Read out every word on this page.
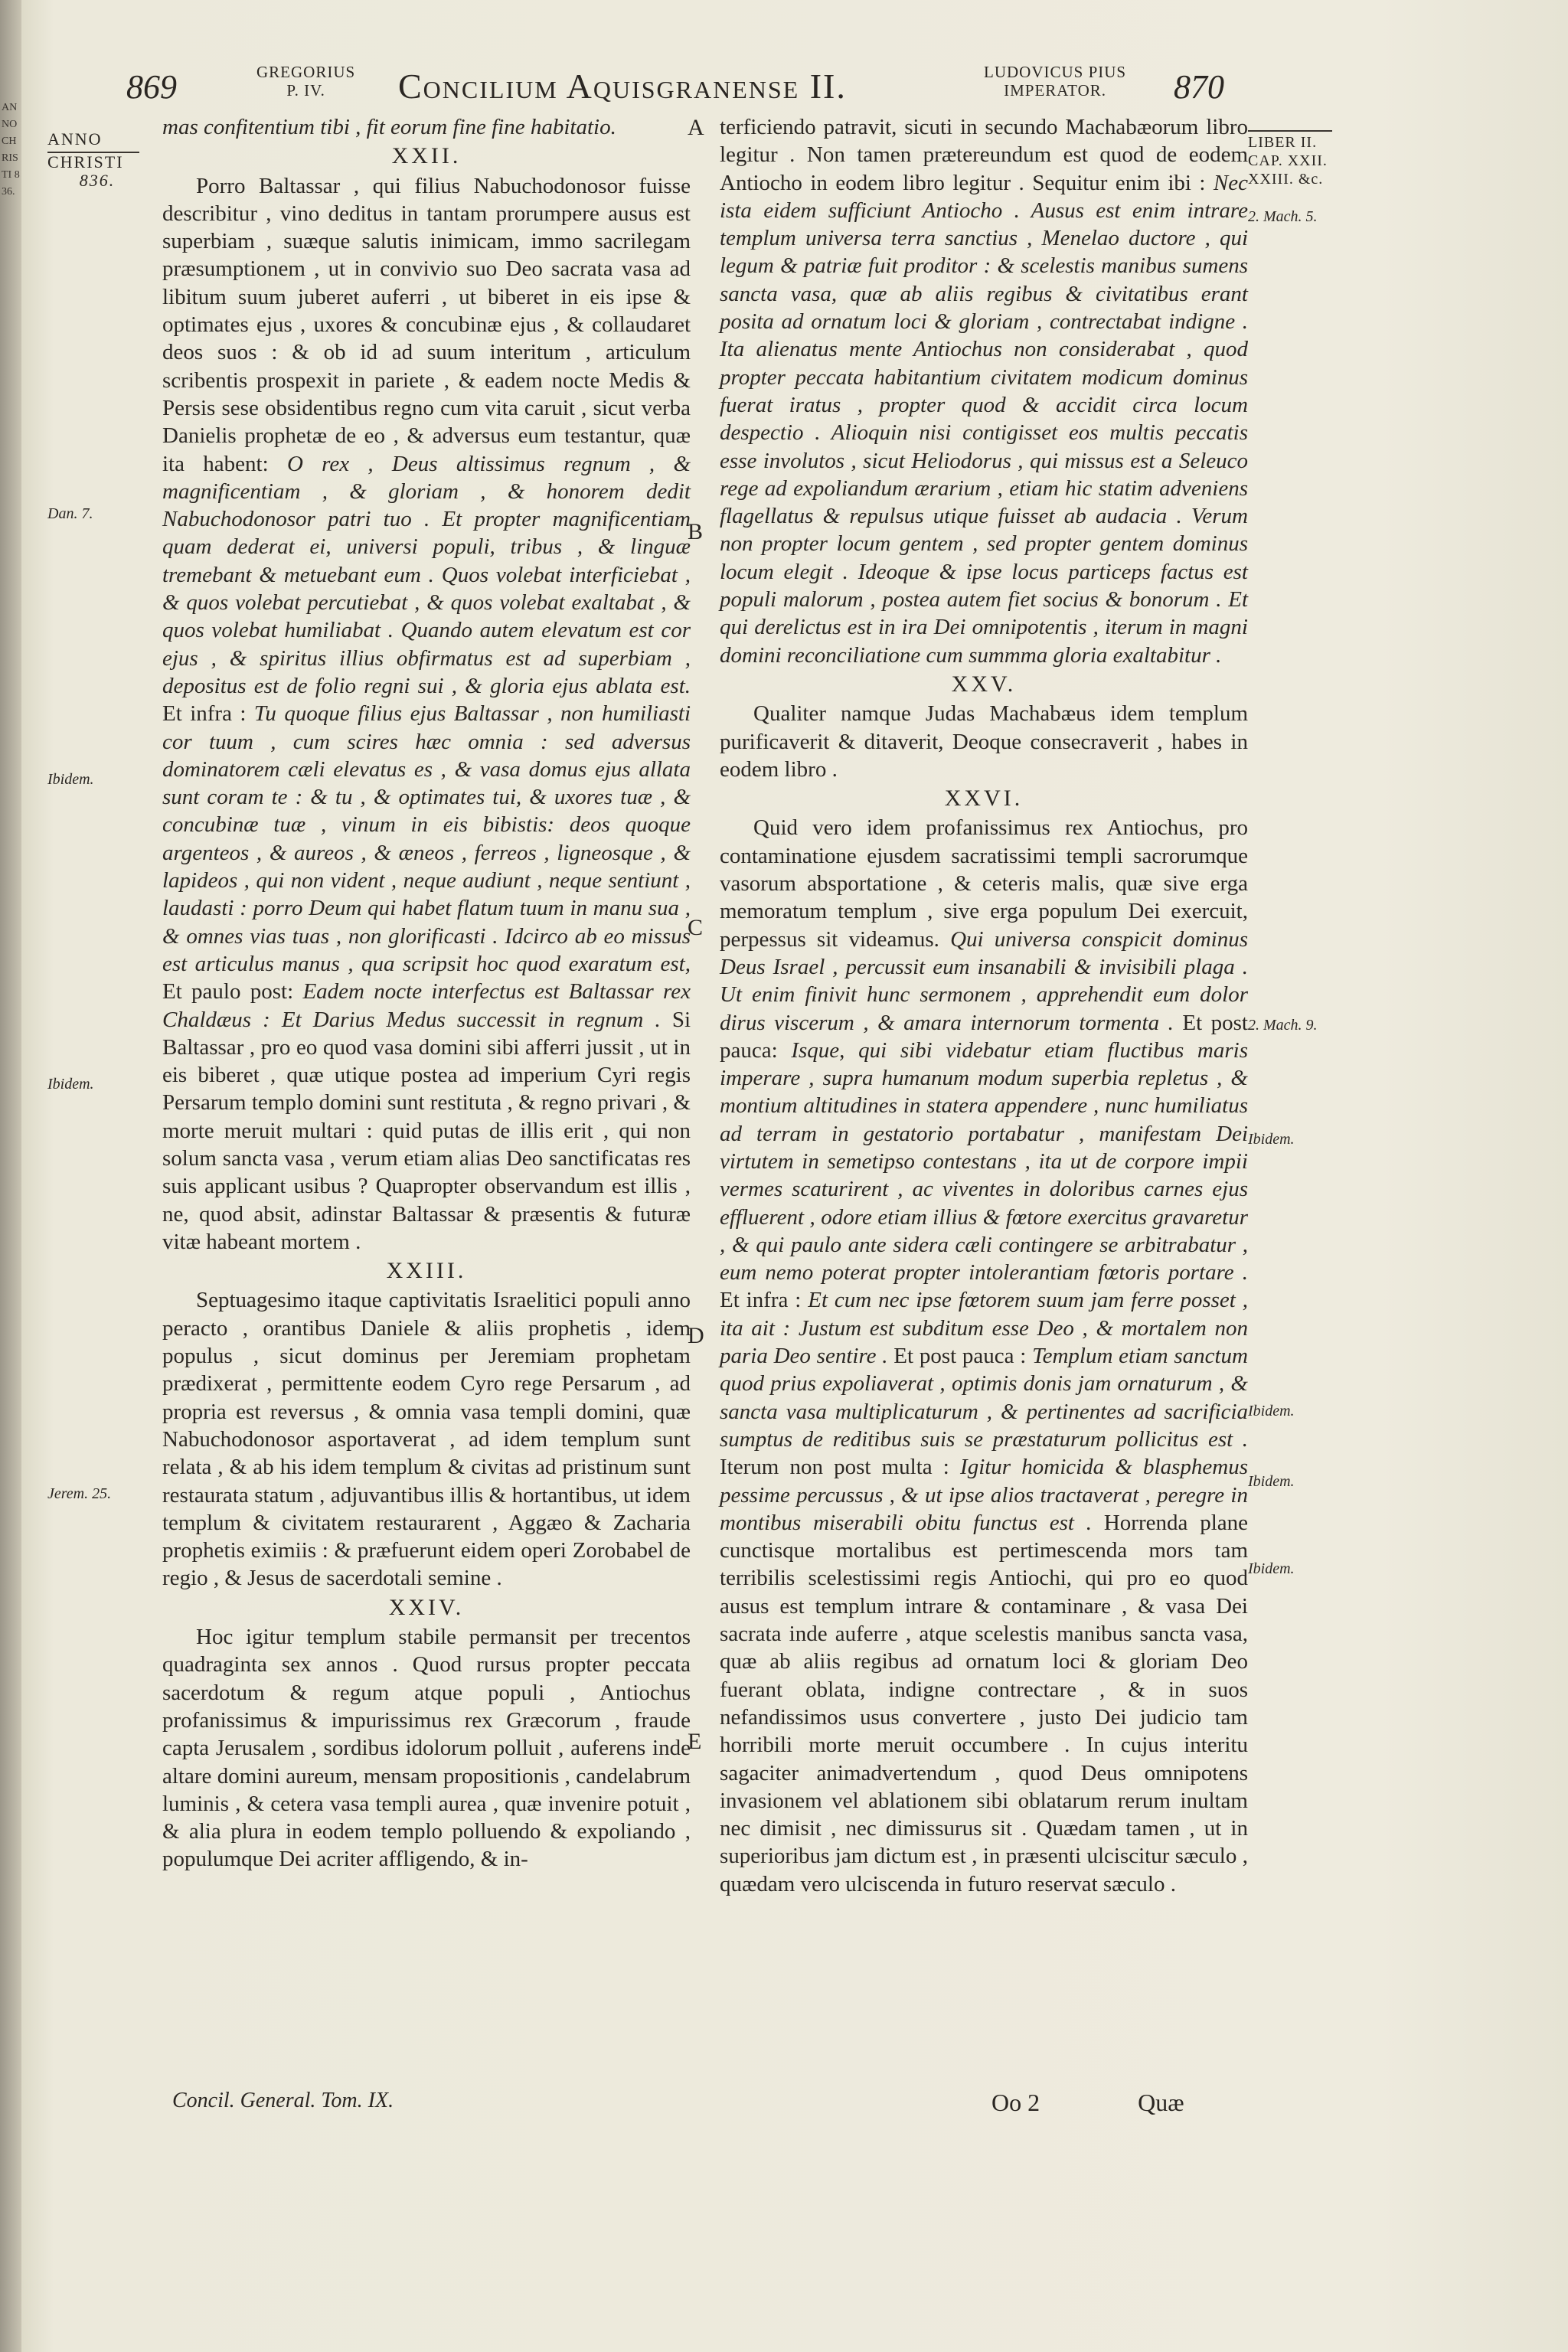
ANNO CHRISTI 836.
869	GREGORIUS
P. IV.	Concilium Aquisgranense II.	LUDOVICUS PIUS
IMPERATOR.	870
ANNO
CHRISTI
836.
LIBER II.
CAP. XXII.
XXIII. &c.
Dan. 7.
Ibidem.
Ibidem.
Jerem. 25.
2. Mach. 5.
2. Mach. 9.
Ibidem.
Ibidem.
Ibidem.
Ibidem.
A
B
C
D
E

mas confitentium tibi , fit eorum fine fine habitatio.

XXII.

Porro Baltassar , qui filius Nabuchodonosor fuisse describitur , vino deditus in tantam prorumpere ausus est superbiam , suæque salutis inimicam, immo sacrilegam præsumptionem , ut in convivio suo Deo sacrata vasa ad libitum suum juberet auferri , ut biberet in eis ipse & optimates ejus , uxores & concubinæ ejus , & collaudaret deos suos : & ob id ad suum interitum , articulum scribentis prospexit in pariete , & eadem nocte Medis & Persis sese obsidentibus regno cum vita caruit , sicut verba Danielis prophetæ de eo , & adversus eum testantur, quæ ita habent: O rex , Deus altissimus regnum , & magnificentiam , & gloriam , & honorem dedit Nabuchodonosor patri tuo . Et propter magnificentiam quam dederat ei, universi populi, tribus , & linguæ tremebant & metuebant eum . Quos volebat interficiebat , & quos volebat percutiebat , & quos volebat exaltabat , & quos volebat humiliabat . Quando autem elevatum est cor ejus , & spiritus illius obfirmatus est ad superbiam , depositus est de folio regni sui , & gloria ejus ablata est. Et infra : Tu quoque filius ejus Baltassar , non humiliasti cor tuum , cum scires hæc omnia : sed adversus dominatorem cæli elevatus es , & vasa domus ejus allata sunt coram te : & tu , & optimates tui, & uxores tuæ , & concubinæ tuæ , vinum in eis bibistis: deos quoque argenteos , & aureos , & æneos , ferreos , ligneosque , & lapideos , qui non vident , neque audiunt , neque sentiunt , laudasti : porro Deum qui habet flatum tuum in manu sua , & omnes vias tuas , non glorificasti . Idcirco ab eo missus est articulus manus , qua scripsit hoc quod exaratum est, Et paulo post: Eadem nocte interfectus est Baltassar rex Chaldæus : Et Darius Medus successit in regnum . Si Baltassar , pro eo quod vasa domini sibi afferri jussit , ut in eis biberet , quæ utique postea ad imperium Cyri regis Persarum templo domini sunt restituta , & regno privari , & morte meruit multari : quid putas de illis erit , qui non solum sancta vasa , verum etiam alias Deo sanctificatas res suis applicant usibus ? Quapropter observandum est illis , ne, quod absit, adinstar Baltassar & præsentis & futuræ vitæ habeant mortem .

XXIII.

Septuagesimo itaque captivitatis Israelitici populi anno peracto , orantibus Daniele & aliis prophetis , idem populus , sicut dominus per Jeremiam prophetam prædixerat , permittente eodem Cyro rege Persarum , ad propria est reversus , & omnia vasa templi domini, quæ Nabuchodonosor asportaverat , ad idem templum sunt relata , & ab his idem templum & civitas ad pristinum sunt restaurata statum , adjuvantibus illis & hortantibus, ut idem templum & civitatem restaurarent , Aggæo & Zacharia prophetis eximiis : & præfuerunt eidem operi Zorobabel de regio , & Jesus de sacerdotali semine .

XXIV.

Hoc igitur templum stabile permansit per trecentos quadraginta sex annos . Quod rursus propter peccata sacerdotum & regum atque populi , Antiochus profanissimus & impurissimus rex Græcorum , fraude capta Jerusalem , sordibus idolorum polluit , auferens inde altare domini aureum, mensam propositionis , candelabrum luminis , & cetera vasa templi aurea , quæ invenire potuit , & alia plura in eodem templo polluendo & expoliando , populumque Dei acriter affligendo, & in-

terficiendo patravit, sicuti in secundo Machabæorum libro legitur . Non tamen prætereundum est quod de eodem Antiocho in eodem libro legitur . Sequitur enim ibi : Nec ista eidem sufficiunt Antiocho . Ausus est enim intrare templum universa terra sanctius , Menelao ductore , qui legum & patriæ fuit proditor : & scelestis manibus sumens sancta vasa, quæ ab aliis regibus & civitatibus erant posita ad ornatum loci & gloriam , contrectabat indigne . Ita alienatus mente Antiochus non considerabat , quod propter peccata habitantium civitatem modicum dominus fuerat iratus , propter quod & accidit circa locum despectio . Alioquin nisi contigisset eos multis peccatis esse involutos , sicut Heliodorus , qui missus est a Seleuco rege ad expoliandum ærarium , etiam hic statim adveniens flagellatus & repulsus utique fuisset ab audacia . Verum non propter locum gentem , sed propter gentem dominus locum elegit . Ideoque & ipse locus particeps factus est populi malorum , postea autem fiet socius & bonorum . Et qui derelictus est in ira Dei omnipotentis , iterum in magni domini reconciliatione cum summma gloria exaltabitur .

XXV.

Qualiter namque Judas Machabæus idem templum purificaverit & ditaverit, Deoque consecraverit , habes in eodem libro .

XXVI.

Quid vero idem profanissimus rex Antiochus, pro contaminatione ejusdem sacratissimi templi sacrorumque vasorum absportatione , & ceteris malis, quæ sive erga memoratum templum , sive erga populum Dei exercuit, perpessus sit videamus. Qui universa conspicit dominus Deus Israel , percussit eum insanabili & invisibili plaga . Ut enim finivit hunc sermonem , apprehendit eum dolor dirus viscerum , & amara internorum tormenta . Et post pauca: Isque, qui sibi videbatur etiam fluctibus maris imperare , supra humanum modum superbia repletus , & montium altitudines in statera appendere , nunc humiliatus ad terram in gestatorio portabatur , manifestam Dei virtutem in semetipso contestans , ita ut de corpore impii vermes scaturirent , ac viventes in doloribus carnes ejus effluerent , odore etiam illius & fœtore exercitus gravaretur , & qui paulo ante sidera cæli contingere se arbitrabatur , eum nemo poterat propter intolerantiam fœtoris portare . Et infra : Et cum nec ipse fœtorem suum jam ferre posset , ita ait : Justum est subditum esse Deo , & mortalem non paria Deo sentire . Et post pauca : Templum etiam sanctum quod prius expoliaverat , optimis donis jam ornaturum , & sancta vasa multiplicaturum , & pertinentes ad sacrificia sumptus de reditibus suis se præstaturum pollicitus est . Iterum non post multa : Igitur homicida & blasphemus pessime percussus , & ut ipse alios tractaverat , peregre in montibus miserabili obitu functus est . Horrenda plane cunctisque mortalibus est pertimescenda mors tam terribilis scelestissimi regis Antiochi, qui pro eo quod ausus est templum intrare & contaminare , & vasa Dei sacrata inde auferre , atque scelestis manibus sancta vasa, quæ ab aliis regibus ad ornatum loci & gloriam Deo fuerant oblata, indigne contrectare , & in suos nefandissimos usus convertere , justo Dei judicio tam horribili morte meruit occumbere . In cujus interitu sagaciter animadvertendum , quod Deus omnipotens invasionem vel ablationem sibi oblatarum rerum inultam nec dimisit , nec dimissurus sit . Quædam tamen , ut in superioribus jam dictum est , in præsenti ulciscitur sæculo , quædam vero ulciscenda in futuro reservat sæculo .

Concil. General. Tom. IX.	Oo 2	Quæ
